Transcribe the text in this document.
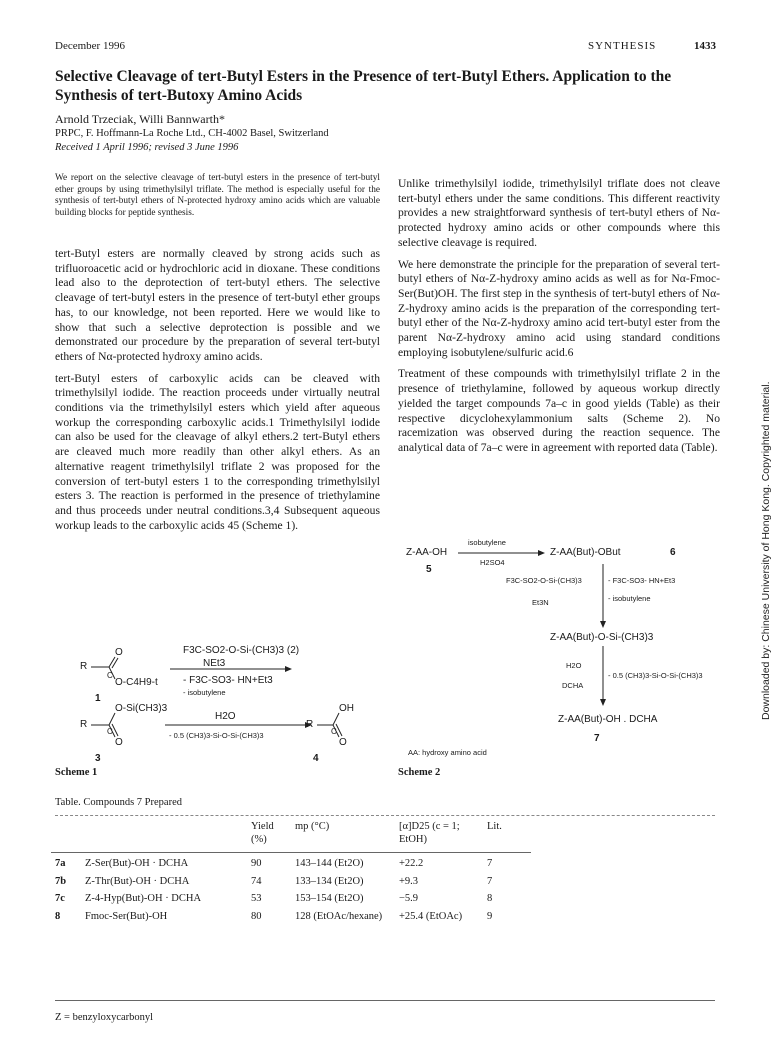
December 1996	SYNTHESIS	1433
Selective Cleavage of tert-Butyl Esters in the Presence of tert-Butyl Ethers. Application to the Synthesis of tert-Butoxy Amino Acids
Arnold Trzeciak, Willi Bannwarth*
PRPC, F. Hoffmann-La Roche Ltd., CH-4002 Basel, Switzerland
Received 1 April 1996; revised 3 June 1996
We report on the selective cleavage of tert-butyl esters in the presence of tert-butyl ether groups by using trimethylsilyl triflate. The method is especially useful for the synthesis of tert-butyl ethers of N-protected hydroxy amino acids which are valuable building blocks for peptide synthesis.

tert-Butyl esters are normally cleaved by strong acids such as trifluoroacetic acid or hydrochloric acid in dioxane. These conditions lead also to the deprotection of tert-butyl ethers. The selective cleavage of tert-butyl esters in the presence of tert-butyl ether groups has, to our knowledge, not been reported. Here we would like to show that such a selective deprotection is possible and we demonstrated our procedure by the preparation of several tert-butyl ethers of Nα-protected hydroxy amino acids.

tert-Butyl esters of carboxylic acids can be cleaved with trimethylsilyl iodide. The reaction proceeds under virtually neutral conditions via the trimethylsilyl esters which yield after aqueous workup the corresponding carboxylic acids.1 Trimethylsilyl iodide can also be used for the cleavage of alkyl ethers.2 tert-Butyl ethers are cleaved much more readily than other alkyl ethers. As an alternative reagent trimethylsilyl triflate 2 was proposed for the conversion of tert-butyl esters 1 to the corresponding trimethylsilyl esters 3. The reaction is performed in the presence of triethylamine and thus proceeds under neutral conditions.3,4 Subsequent aqueous workup leads to the carboxylic acids 45 (Scheme 1).

Unlike trimethylsilyl iodide, trimethylsilyl triflate does not cleave tert-butyl ethers under the same conditions. This different reactivity provides a new straightforward synthesis of tert-butyl ethers of Nα-protected hydroxy amino acids or other compounds where this selective cleavage is required.

We here demonstrate the principle for the preparation of several tert-butyl ethers of Nα-Z-hydroxy amino acids as well as for Nα-Fmoc-Ser(But)OH. The first step in the synthesis of tert-butyl ethers of Nα-Z-hydroxy amino acids is the preparation of the corresponding tert-butyl ether of the Nα-Z-hydroxy amino acid tert-butyl ester from the parent Nα-Z-hydroxy amino acid using standard conditions employing isobutylene/sulfuric acid.6

Treatment of these compounds with trimethylsilyl triflate 2 in the presence of triethylamine, followed by aqueous workup directly yielded the target compounds 7a–c in good yields (Table) as their respective dicyclohexylammonium salts (Scheme 2). No racemization was observed during the reaction sequence. The analytical data of 7a–c were in agreement with reported data (Table).

F3C-SO2-O-Si-(CH3)3 (2)
NEt3
- F3C-SO3- HN+Et3
- isobutylene
O
R
C
O-C4H9-t
1
O-Si(CH3)3
R
C
O
H2O
- 0.5 (CH3)3-Si-O-Si-(CH3)3
3
OH
R
C
O
4
Scheme 1
isobutylene
H2SO4
Z-AA-OH
5
Z-AA(But)-OBut	6
F3C-SO2-O-Si-(CH3)3
Et3N
- F3C-SO3- HN+Et3
- isobutylene
Z-AA(But)-O-Si-(CH3)3
H2O
DCHA
- 0.5 (CH3)3-Si-O-Si-(CH3)3
Z-AA(But)-OH . DCHA
7
AA: hydroxy amino acid
Scheme 2
Table. Compounds 7 Prepared
		Yield (%)	mp (°C)	[α]D25 (c = 1; EtOH)	Lit.

7a	Z-Ser(But)-OH · DCHA	90	143–144 (Et2O)	+22.2	7
7b	Z-Thr(But)-OH · DCHA	74	133–134 (Et2O)	+9.3	7
7c	Z-4-Hyp(But)-OH · DCHA	53	153–154 (Et2O)	−5.9	8
8	Fmoc-Ser(But)-OH	80	128 (EtOAc/hexane)	+25.4 (EtOAc)	9
Z = benzyloxycarbonyl
Downloaded by: Chinese University of Hong Kong. Copyrighted material.
